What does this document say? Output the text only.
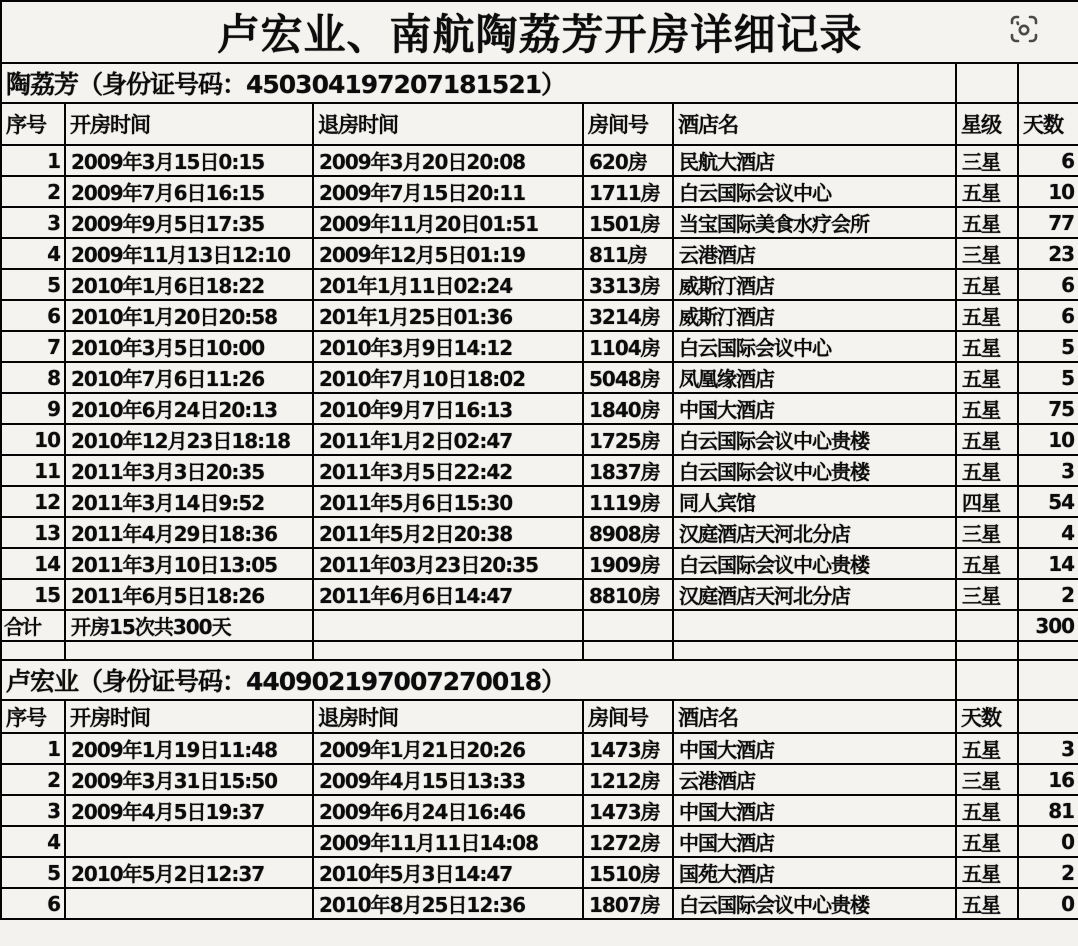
卢宏业、南航陶荔芳开房详细记录						

陶荔芳（身份证号码：450304197207181521）						
序号	开房时间	退房时间	房间号	酒店名	星级	天数
1	2009年3月15日0:15	2009年3月20日20:08	620房	民航大酒店	三星	6
2	2009年7月6日16:15	2009年7月15日20:11	1711房	白云国际会议中心	五星	10
3	2009年9月5日17:35	2009年11月20日01:51	1501房	当宝国际美食水疗会所	五星	77
4	2009年11月13日12:10	2009年12月5日01:19	811房	云港酒店	三星	23
5	2010年1月6日18:22	201年1月11日02:24	3313房	威斯汀酒店	五星	6
6	2010年1月20日20:58	201年1月25日01:36	3214房	威斯汀酒店	五星	6
7	2010年3月5日10:00	2010年3月9日14:12	1104房	白云国际会议中心	五星	5
8	2010年7月6日11:26	2010年7月10日18:02	5048房	凤凰缘酒店	五星	5
9	2010年6月24日20:13	2010年9月7日16:13	1840房	中国大酒店	五星	75
10	2010年12月23日18:18	2011年1月2日02:47	1725房	白云国际会议中心贵楼	五星	10
11	2011年3月3日20:35	2011年3月5日22:42	1837房	白云国际会议中心贵楼	五星	3
12	2011年3月14日9:52	2011年5月6日15:30	1119房	同人宾馆	四星	54
13	2011年4月29日18:36	2011年5月2日20:38	8908房	汉庭酒店天河北分店	三星	4
14	2011年3月10日13:05	2011年03月23日20:35	1909房	白云国际会议中心贵楼	五星	14
15	2011年6月5日18:26	2011年6月6日14:47	8810房	汉庭酒店天河北分店	三星	2
合计	开房15次共300天					300

卢宏业（身份证号码：440902197007270018）						
序号	开房时间	退房时间	房间号	酒店名	天数	
1	2009年1月19日11:48	2009年1月21日20:26	1473房	中国大酒店	五星	3
2	2009年3月31日15:50	2009年4月15日13:33	1212房	云港酒店	三星	16
3	2009年4月5日19:37	2009年6月24日16:46	1473房	中国大酒店	五星	81
4		2009年11月11日14:08	1272房	中国大酒店	五星	0
5	2010年5月2日12:37	2010年5月3日14:47	1510房	国苑大酒店	五星	2
6		2010年8月25日12:36	1807房	白云国际会议中心贵楼	五星	0
